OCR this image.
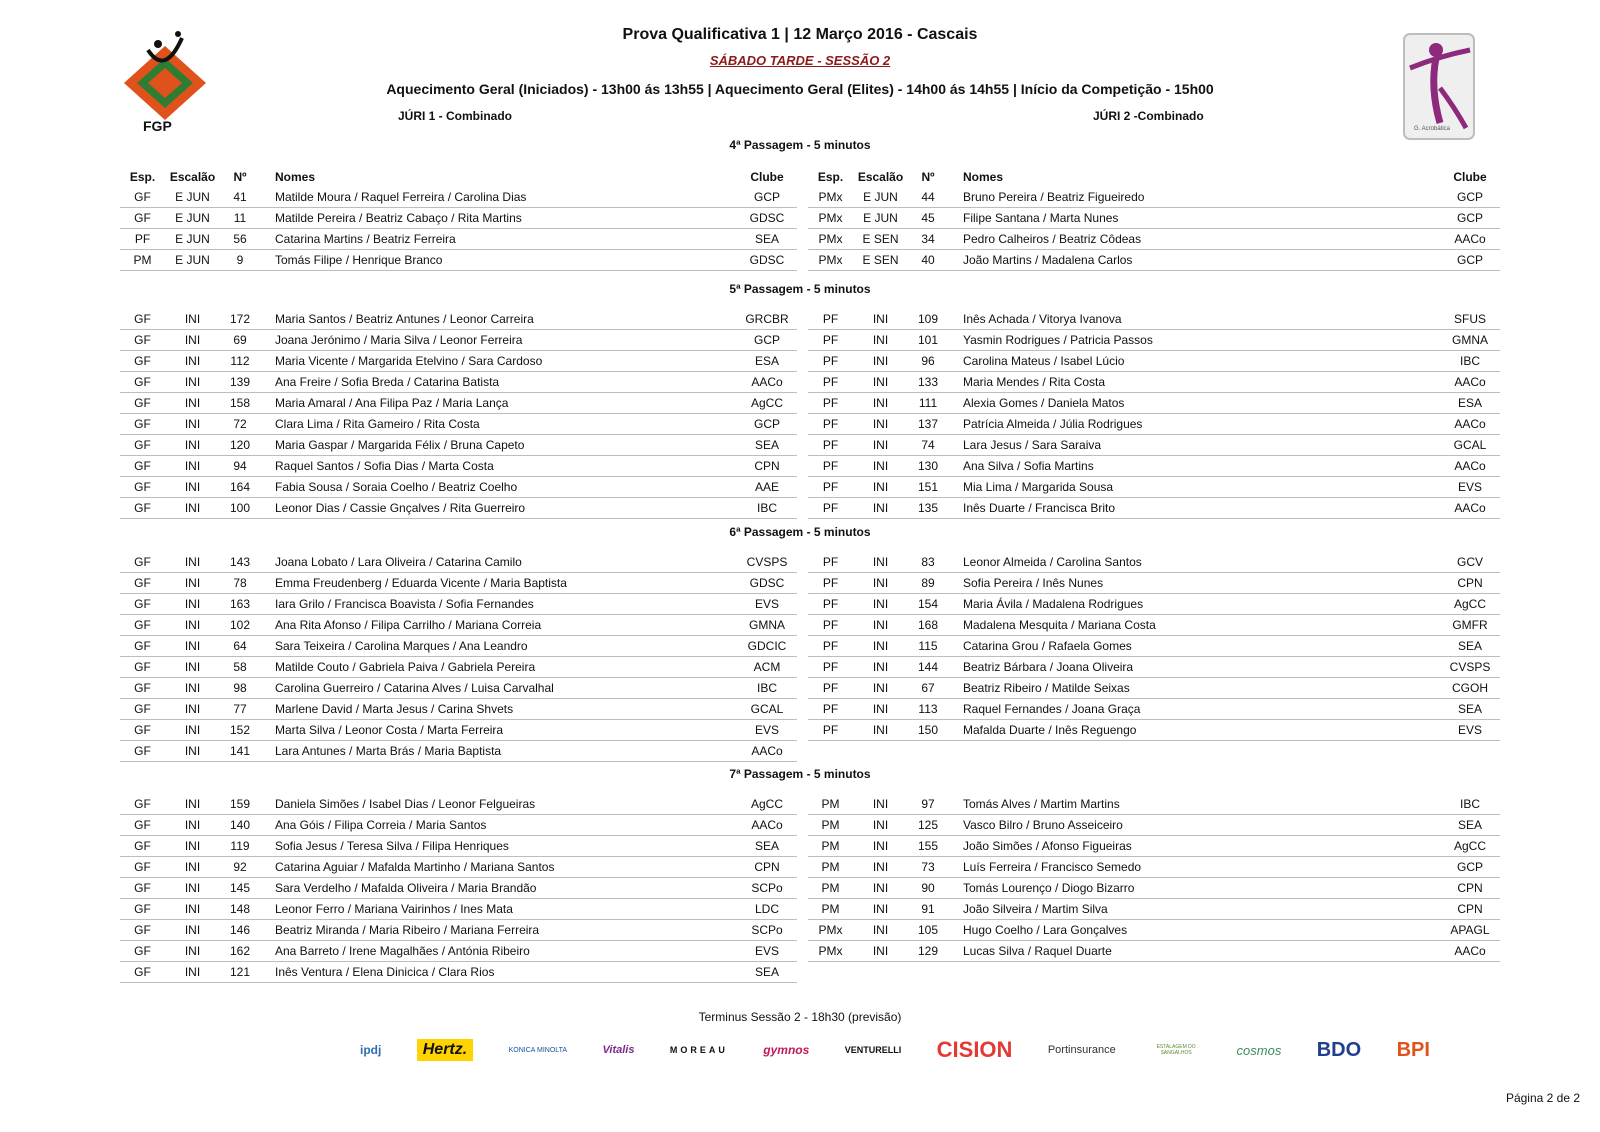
FGP
Prova Qualificativa 1 | 12 Março 2016 - Cascais
SÁBADO TARDE - SESSÃO 2
Aquecimento Geral (Iniciados) - 13h00 ás 13h55 | Aquecimento Geral (Elites) - 14h00 ás 14h55 | Início da Competição - 15h00
JÚRI 1 - Combinado	JÚRI 2 -Combinado
G. Acrobática
4ª Passagem - 5 minutos
5ª Passagem - 5 minutos
6ª Passagem - 5 minutos
7ª Passagem - 5 minutos
Esp.	Escalão	Nº	Nomes	Clube
GF	E JUN	41	Matilde Moura / Raquel Ferreira / Carolina Dias	GCP
GF	E JUN	11	Matilde Pereira / Beatriz Cabaço / Rita Martins	GDSC
PF	E JUN	56	Catarina Martins / Beatriz Ferreira	SEA
PM	E JUN	9	Tomás Filipe / Henrique Branco	GDSC
Esp.	Escalão	Nº	Nomes	Clube
PMx	E JUN	44	Bruno Pereira / Beatriz Figueiredo	GCP
PMx	E JUN	45	Filipe Santana / Marta Nunes	GCP
PMx	E SEN	34	Pedro Calheiros / Beatriz Côdeas	AACo
PMx	E SEN	40	João Martins / Madalena Carlos	GCP
GF	INI	172	Maria Santos / Beatriz Antunes / Leonor Carreira	GRCBR
GF	INI	69	Joana Jerónimo / Maria Silva / Leonor Ferreira	GCP
GF	INI	112	Maria Vicente / Margarida Etelvino / Sara Cardoso	ESA
GF	INI	139	Ana Freire / Sofia Breda / Catarina Batista	AACo
GF	INI	158	Maria Amaral / Ana Filipa Paz / Maria Lança	AgCC
GF	INI	72	Clara Lima / Rita Gameiro / Rita Costa	GCP
GF	INI	120	Maria Gaspar / Margarida Félix / Bruna Capeto	SEA
GF	INI	94	Raquel Santos / Sofia Dias / Marta Costa	CPN
GF	INI	164	Fabia Sousa / Soraia Coelho / Beatriz Coelho	AAE
GF	INI	100	Leonor Dias / Cassie Gnçalves / Rita Guerreiro	IBC
PF	INI	109	Inês Achada / Vitorya Ivanova	SFUS
PF	INI	101	Yasmin Rodrigues / Patricia Passos	GMNA
PF	INI	96	Carolina Mateus / Isabel Lúcio	IBC
PF	INI	133	Maria Mendes / Rita Costa	AACo
PF	INI	111	Alexia Gomes / Daniela Matos	ESA
PF	INI	137	Patrícia Almeida / Júlia Rodrigues	AACo
PF	INI	74	Lara Jesus / Sara Saraiva	GCAL
PF	INI	130	Ana Silva / Sofia Martins	AACo
PF	INI	151	Mia Lima / Margarida Sousa	EVS
PF	INI	135	Inês Duarte / Francisca Brito	AACo
GF	INI	143	Joana Lobato / Lara Oliveira / Catarina Camilo	CVSPS
GF	INI	78	Emma Freudenberg / Eduarda Vicente / Maria Baptista	GDSC
GF	INI	163	Iara Grilo / Francisca Boavista / Sofia Fernandes	EVS
GF	INI	102	Ana Rita Afonso / Filipa Carrilho / Mariana Correia	GMNA
GF	INI	64	Sara Teixeira / Carolina Marques / Ana Leandro	GDCIC
GF	INI	58	Matilde Couto / Gabriela Paiva / Gabriela Pereira	ACM
GF	INI	98	Carolina Guerreiro / Catarina Alves / Luisa Carvalhal	IBC
GF	INI	77	Marlene David / Marta Jesus / Carina Shvets	GCAL
GF	INI	152	Marta Silva / Leonor Costa / Marta Ferreira	EVS
GF	INI	141	Lara Antunes / Marta Brás / Maria Baptista	AACo
PF	INI	83	Leonor Almeida / Carolina Santos	GCV
PF	INI	89	Sofia Pereira / Inês Nunes	CPN
PF	INI	154	Maria Ávila / Madalena Rodrigues	AgCC
PF	INI	168	Madalena Mesquita / Mariana Costa	GMFR
PF	INI	115	Catarina Grou / Rafaela Gomes	SEA
PF	INI	144	Beatriz Bárbara / Joana Oliveira	CVSPS
PF	INI	67	Beatriz Ribeiro / Matilde Seixas	CGOH
PF	INI	113	Raquel Fernandes / Joana Graça	SEA
PF	INI	150	Mafalda Duarte / Inês Reguengo	EVS
GF	INI	159	Daniela Simões / Isabel Dias / Leonor Felgueiras	AgCC
GF	INI	140	Ana Góis / Filipa Correia / Maria Santos	AACo
GF	INI	119	Sofia Jesus / Teresa Silva / Filipa Henriques	SEA
GF	INI	92	Catarina Aguiar / Mafalda Martinho / Mariana Santos	CPN
GF	INI	145	Sara Verdelho / Mafalda Oliveira / Maria Brandão	SCPo
GF	INI	148	Leonor Ferro / Mariana Vairinhos / Ines Mata	LDC
GF	INI	146	Beatriz Miranda / Maria Ribeiro / Mariana Ferreira	SCPo
GF	INI	162	Ana Barreto / Irene Magalhães / Antónia Ribeiro	EVS
GF	INI	121	Inês Ventura / Elena Dinicica / Clara Rios	SEA
PM	INI	97	Tomás Alves / Martim Martins	IBC
PM	INI	125	Vasco Bilro / Bruno Asseiceiro	SEA
PM	INI	155	João Simões / Afonso Figueiras	AgCC
PM	INI	73	Luís Ferreira / Francisco Semedo	GCP
PM	INI	90	Tomás Lourenço / Diogo Bizarro	CPN
PM	INI	91	João Silveira / Martim Silva	CPN
PMx	INI	105	Hugo Coelho / Lara Gonçalves	APAGL
PMx	INI	129	Lucas Silva / Raquel Duarte	AACo
Terminus Sessão 2 - 18h30 (previsão)
ipdj	Hertz.	KONICA MINOLTA	Vitalis	MOREAU	gymnos	VENTURELLI CISION	Portinsurance	ESTALAGEM DO SANGALHOS	cosmos BDO BPI
Página 2 de 2
